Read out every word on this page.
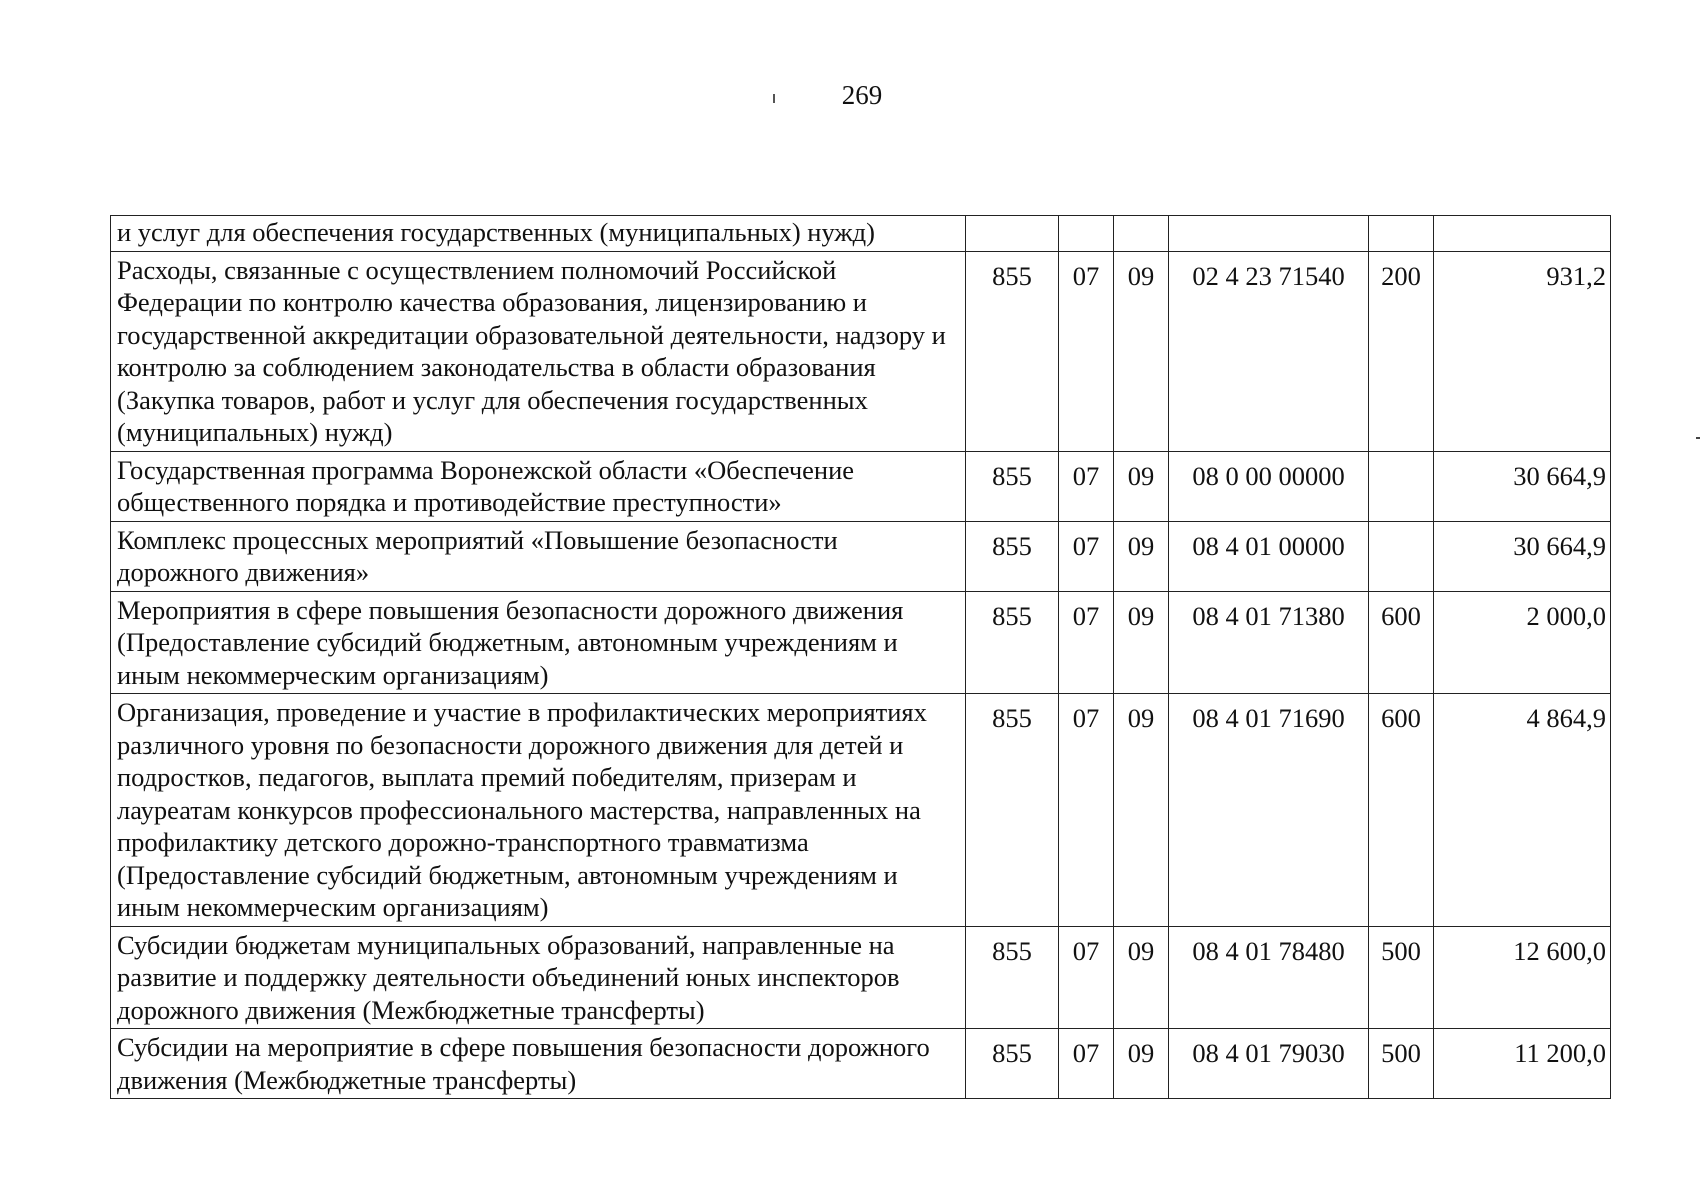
269
и услуг для обеспечения государственных (муниципальных) нужд)						
Расходы, связанные с осуществлением полномочий Российской Федерации по контролю качества образования, лицензированию и государственной аккредитации образовательной деятельности, надзору и контролю за соблюдением законодательства в области образования (Закупка товаров, работ и услуг для обеспечения государственных (муниципальных) нужд)	855	07	09	02 4 23 71540	200	931,2
Государственная программа Воронежской области «Обеспечение общественного порядка и противодействие преступности»	855	07	09	08 0 00 00000		30 664,9
Комплекс процессных мероприятий «Повышение безопасности дорожного движения»	855	07	09	08 4 01 00000		30 664,9
Мероприятия в сфере повышения безопасности дорожного движения (Предоставление субсидий бюджетным, автономным учреждениям и иным некоммерческим организациям)	855	07	09	08 4 01 71380	600	2 000,0
Организация, проведение и участие в профилактических мероприятиях различного уровня по безопасности дорожного движения для детей и подростков, педагогов, выплата премий победителям, призерам и лауреатам конкурсов профессионального мастерства, направленных на профилактику детского дорожно-транспортного травматизма (Предоставление субсидий бюджетным, автономным учреждениям и иным некоммерческим организациям)	855	07	09	08 4 01 71690	600	4 864,9
Субсидии бюджетам муниципальных образований, направленные на развитие и поддержку деятельности объединений юных инспекторов дорожного движения (Межбюджетные трансферты)	855	07	09	08 4 01 78480	500	12 600,0
Субсидии на мероприятие в сфере повышения безопасности дорожного движения (Межбюджетные трансферты)	855	07	09	08 4 01 79030	500	11 200,0
